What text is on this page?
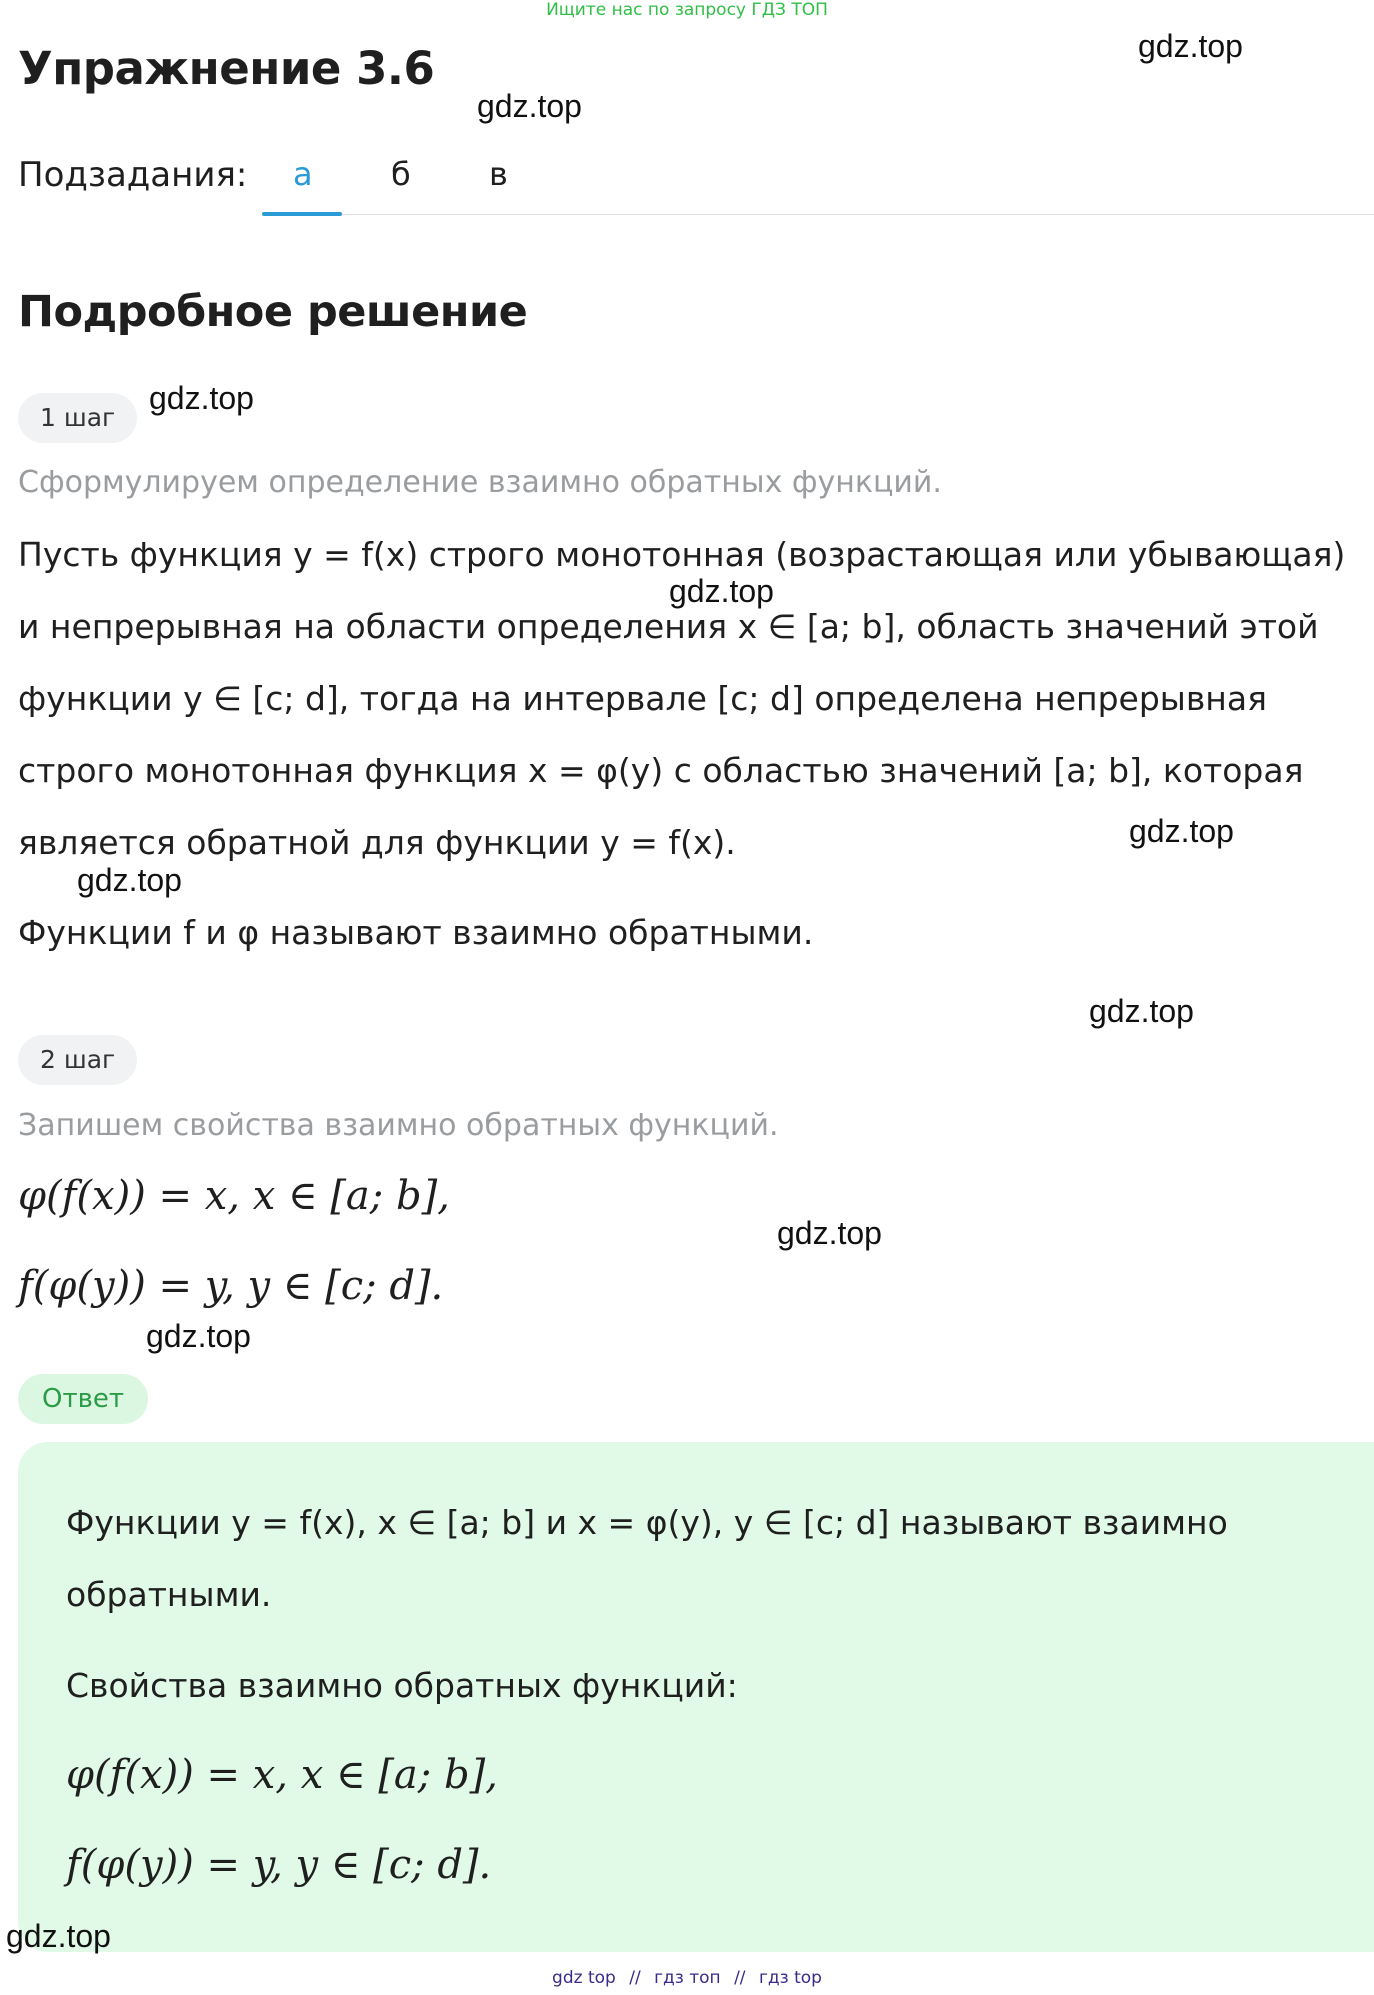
Ищите нас по запросу ГДЗ ТОП
Упражнение 3.6	gdz.top
gdz.top
gdz.top
gdz.top
gdz.top
gdz.top
gdz.top
gdz.top
gdz.top
Подзадания: а б в
Подробное решение
1 шаг
Сформулируем определение взаимно обратных функций.
Пусть функция y = f(x) строго монотонная (возрастающая или убывающая)
и непрерывная на области определения x ∈ [a; b], область значений этой
функции y ∈ [c; d], тогда на интервале [c; d] определена непрерывная
строго монотонная функция x = φ(y) с областью значений [a; b], которая
является обратной для функции y = f(x).
Функции f и φ называют взаимно обратными.
2 шаг
Запишем свойства взаимно обратных функций.
φ(f(x)) = x, x ∈ [a; b],
f(φ(y)) = y, y ∈ [c; d].
Ответ
Функции y = f(x), x ∈ [a; b] и x = φ(y), y ∈ [c; d] называют взаимно
обратными.
Свойства взаимно обратных функций:
φ(f(x)) = x, x ∈ [a; b],
f(φ(y)) = y, y ∈ [c; d].
gdz.top
gdz top // гдз топ // гдз top
